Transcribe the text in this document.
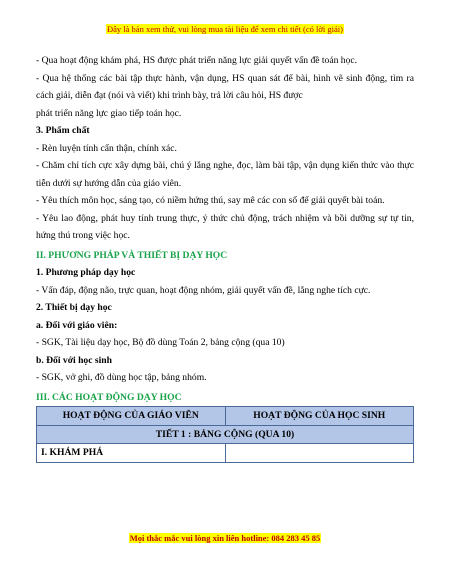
Đây là bản xem thử, vui lòng mua tài liệu để xem chi tiết (có lời giải)

- Qua hoạt động khám phá, HS được phát triển năng lực giải quyết vấn đề toán học.

- Qua hệ thống các bài tập thực hành, vận dụng, HS quan sát để bài, hình vẽ sinh động, tìm ra cách giải, diễn đạt (nói và viết) khi trình bày, trả lời câu hỏi, HS được

phát triển năng lực giao tiếp toán học.

3. Phẩm chất

- Rèn luyện tính cẩn thận, chính xác.

- Chăm chỉ tích cực xây dựng bài, chú ý lắng nghe, đọc, làm bài tập, vận dụng kiến thức vào thực tiễn dưới sự hướng dẫn của giáo viên.

- Yêu thích môn học, sáng tạo, có niềm hứng thú, say mê các con số để giải quyết bài toán.

- Yêu lao động, phát huy tính trung thực, ý thức chủ động, trách nhiệm và bồi dưỡng sự tự tin, hứng thú trong việc học.

II. PHƯƠNG PHÁP VÀ THIẾT BỊ DẠY HỌC

1. Phương pháp dạy học

- Vấn đáp, động não, trực quan, hoạt động nhóm, giải quyết vấn đề, lắng nghe tích cực.

2. Thiết bị dạy học

a. Đối với giáo viên:

- SGK, Tài liệu dạy học, Bộ đồ dùng Toán 2, bảng cộng (qua 10)

b. Đối với học sinh

- SGK, vở ghi, đồ dùng học tập, bảng nhóm.

III. CÁC HOẠT ĐỘNG DẠY HỌC

HOẠT ĐỘNG CỦA GIÁO VIÊN	HOẠT ĐỘNG CỦA HỌC SINH
TIẾT 1 : BẢNG CỘNG (QUA 10)	
I. KHÁM PHÁ	
Mọi thắc mắc vui lòng xin liên hotline: 084 283 45 85
